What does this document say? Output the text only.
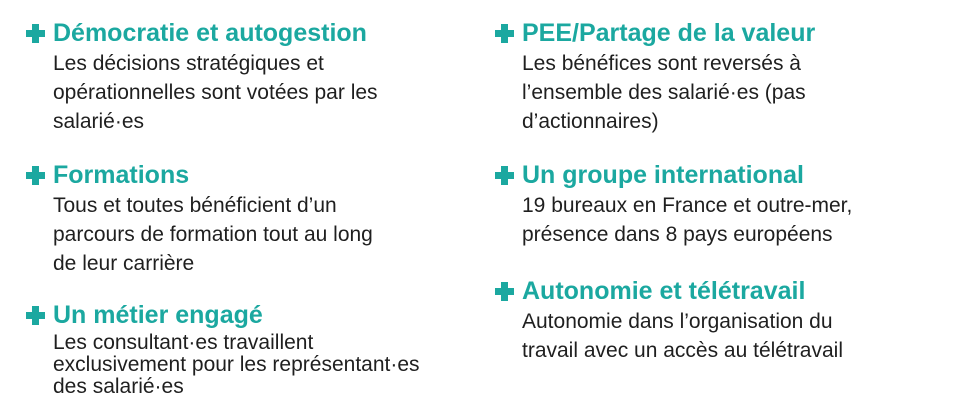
Démocratie et autogestion
Les décisions stratégiques et
opérationnelles sont votées par les
salarié·es
Formations
Tous et toutes bénéficient d’un
parcours de formation tout au long
de leur carrière
Un métier engagé
Les consultant·es travaillent
exclusivement pour les représentant·es
des salarié·es
PEE/Partage de la valeur
Les bénéfices sont reversés à
l’ensemble des salarié·es (pas
d’actionnaires)
Un groupe international
19 bureaux en France et outre-mer,
présence dans 8 pays européens
Autonomie et télétravail
Autonomie dans l’organisation du
travail avec un accès au télétravail
